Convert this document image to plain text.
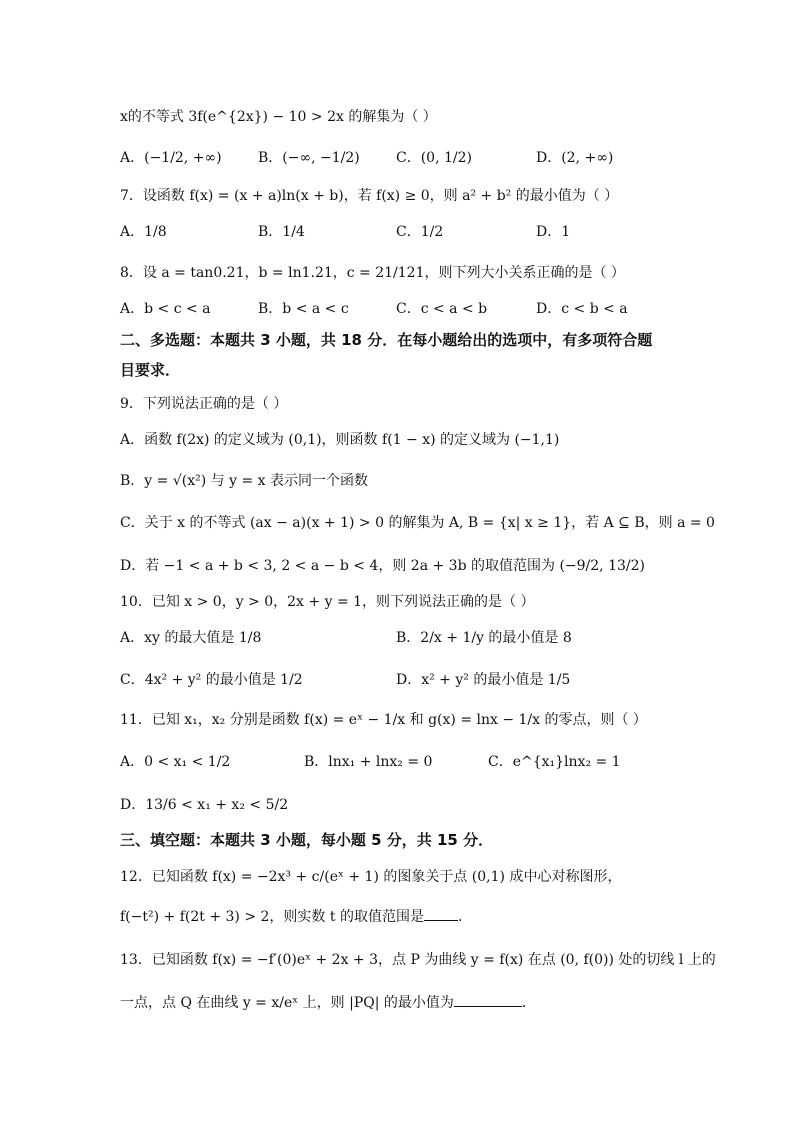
x的不等式 3f(e^{2x}) − 10 > 2x 的解集为（ ）
A．(−1/2, +∞)	B．(−∞, −1/2)	C．(0, 1/2)	D．(2, +∞)
7．设函数 f(x) = (x + a)ln(x + b)，若 f(x) ≥ 0，则 a² + b² 的最小值为（ ）
A．1/8	B．1/4	C．1/2	D．1
8．设 a = tan0.21，b = ln1.21，c = 21/121，则下列大小关系正确的是（ ）
A．b < c < a	B．b < a < c	C．c < a < b	D．c < b < a
二、多选题：本题共 3 小题，共 18 分．在每小题给出的选项中，有多项符合题
目要求．
9．下列说法正确的是（ ）
A．函数 f(2x) 的定义域为 (0,1)，则函数 f(1 − x) 的定义域为 (−1,1)
B．y = √(x²) 与 y = x 表示同一个函数
C．关于 x 的不等式 (ax − a)(x + 1) > 0 的解集为 A, B = {x| x ≥ 1}，若 A ⊆ B，则 a = 0
D．若 −1 < a + b < 3, 2 < a − b < 4，则 2a + 3b 的取值范围为 (−9/2, 13/2)
10．已知 x > 0，y > 0，2x + y = 1，则下列说法正确的是（ ）
A．xy 的最大值是 1/8	B．2/x + 1/y 的最小值是 8
C．4x² + y² 的最小值是 1/2	D．x² + y² 的最小值是 1/5
11．已知 x₁，x₂ 分别是函数 f(x) = eˣ − 1/x 和 g(x) = lnx − 1/x 的零点，则（ ）
A．0 < x₁ < 1/2	B．lnx₁ + lnx₂ = 0	C．e^{x₁}lnx₂ = 1
D．13/6 < x₁ + x₂ < 5/2
三、填空题：本题共 3 小题，每小题 5 分，共 15 分．
12．已知函数 f(x) = −2x³ + c/(eˣ + 1) 的图象关于点 (0,1) 成中心对称图形，
f(−t²) + f(2t + 3) > 2，则实数 t 的取值范围是 .
13．已知函数 f(x) = −f′(0)eˣ + 2x + 3，点 P 为曲线 y = f(x) 在点 (0, f(0)) 处的切线 l 上的
一点，点 Q 在曲线 y = x/eˣ 上，则 |PQ| 的最小值为	．
